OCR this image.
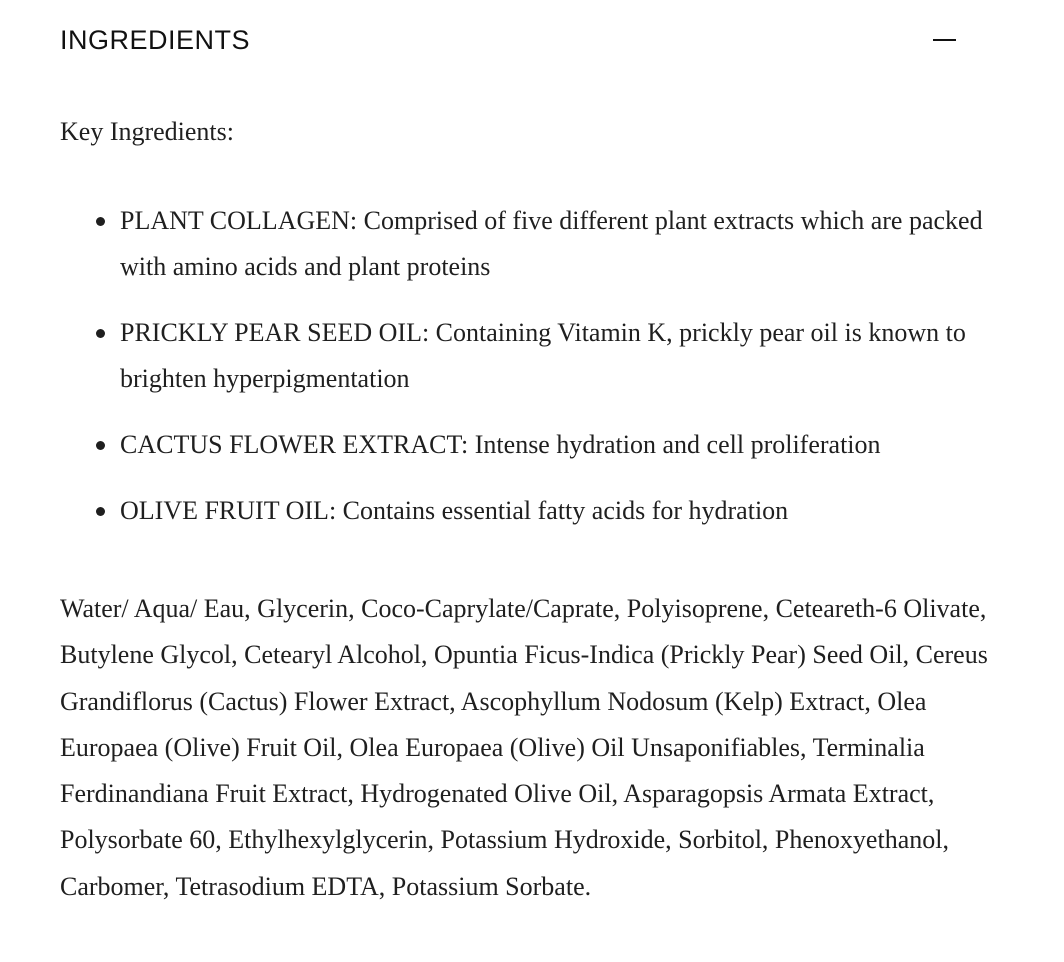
INGREDIENTS

Key Ingredients:

PLANT COLLAGEN: Comprised of five different plant extracts which are packed with amino acids and plant proteins
PRICKLY PEAR SEED OIL: Containing Vitamin K, prickly pear oil is known to brighten hyperpigmentation
CACTUS FLOWER EXTRACT: Intense hydration and cell proliferation
OLIVE FRUIT OIL: Contains essential fatty acids for hydration

Water/ Aqua/ Eau, Glycerin, Coco-Caprylate/Caprate, Polyisoprene, Ceteareth-6 Olivate, Butylene Glycol, Cetearyl Alcohol, Opuntia Ficus-Indica (Prickly Pear) Seed Oil, Cereus Grandiflorus (Cactus) Flower Extract, Ascophyllum Nodosum (Kelp) Extract, Olea Europaea (Olive) Fruit Oil, Olea Europaea (Olive) Oil Unsaponifiables, Terminalia Ferdinandiana Fruit Extract, Hydrogenated Olive Oil, Asparagopsis Armata Extract, Polysorbate 60, Ethylhexylglycerin, Potassium Hydroxide, Sorbitol, Phenoxyethanol, Carbomer, Tetrasodium EDTA, Potassium Sorbate.
